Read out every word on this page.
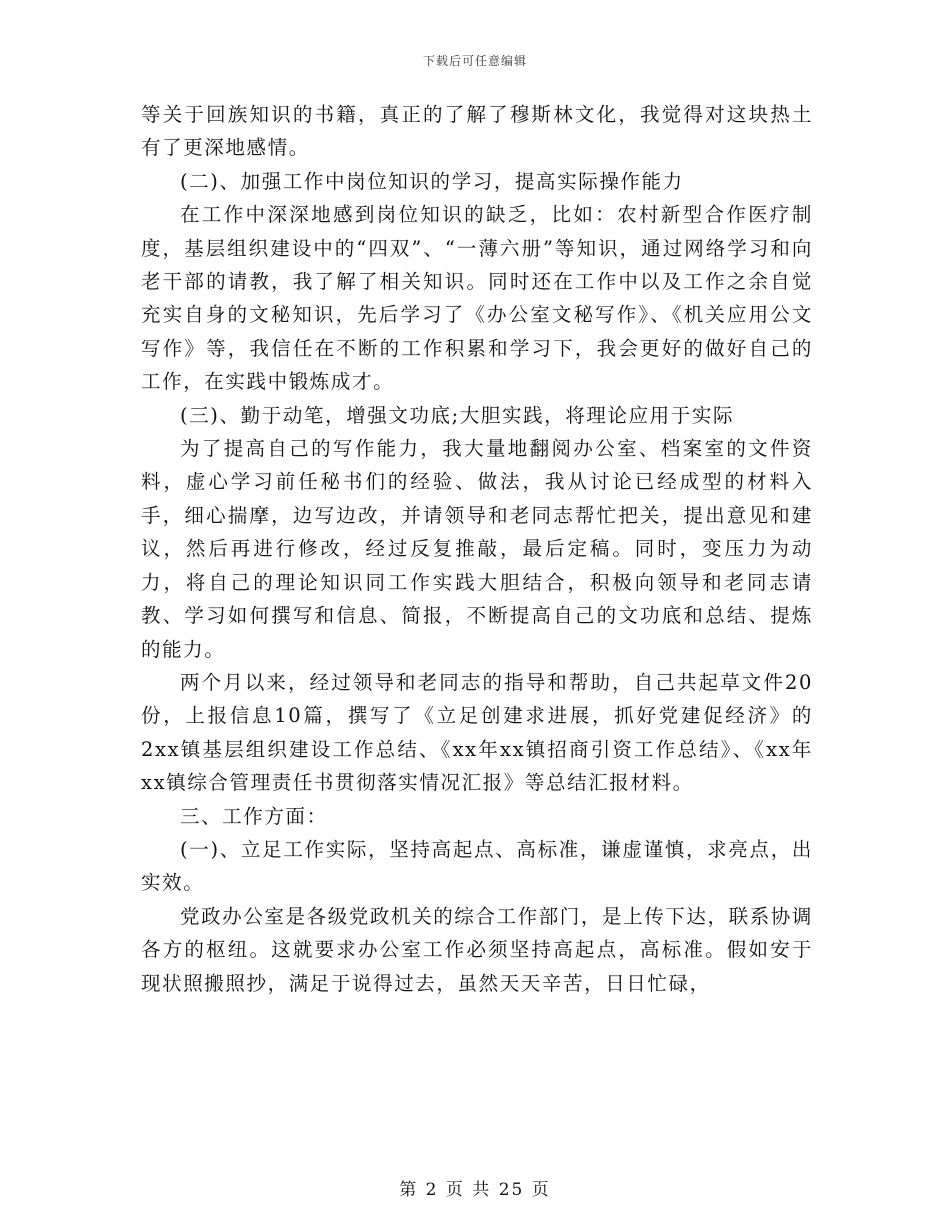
下载后可任意编辑

等关于回族知识的书籍，真正的了解了穆斯林文化，我觉得对这块热土有了更深地感情。

(二)、加强工作中岗位知识的学习，提高实际操作能力

在工作中深深地感到岗位知识的缺乏，比如：农村新型合作医疗制度，基层组织建设中的“四双”、“一薄六册”等知识，通过网络学习和向老干部的请教，我了解了相关知识。同时还在工作中以及工作之余自觉充实自身的文秘知识，先后学习了《办公室文秘写作》、《机关应用公文写作》等，我信任在不断的工作积累和学习下，我会更好的做好自己的工作，在实践中锻炼成才。

(三)、勤于动笔，增强文功底;大胆实践，将理论应用于实际

为了提高自己的写作能力，我大量地翻阅办公室、档案室的文件资料，虚心学习前任秘书们的经验、做法，我从讨论已经成型的材料入手，细心揣摩，边写边改，并请领导和老同志帮忙把关，提出意见和建议，然后再进行修改，经过反复推敲，最后定稿。同时，变压力为动力，将自己的理论知识同工作实践大胆结合，积极向领导和老同志请教、学习如何撰写和信息、简报，不断提高自己的文功底和总结、提炼的能力。

两个月以来，经过领导和老同志的指导和帮助，自己共起草文件20份，上报信息10篇，撰写了《立足创建求进展，抓好党建促经济》的2xx镇基层组织建设工作总结、《xx年xx镇招商引资工作总结》、《xx年xx镇综合管理责任书贯彻落实情况汇报》等总结汇报材料。

三、工作方面：

(一)、立足工作实际，坚持高起点、高标准，谦虚谨慎，求亮点，出实效。

党政办公室是各级党政机关的综合工作部门，是上传下达，联系协调各方的枢纽。这就要求办公室工作必须坚持高起点，高标准。假如安于现状照搬照抄，满足于说得过去，虽然天天辛苦，日日忙碌，

第 2 页 共 25 页
